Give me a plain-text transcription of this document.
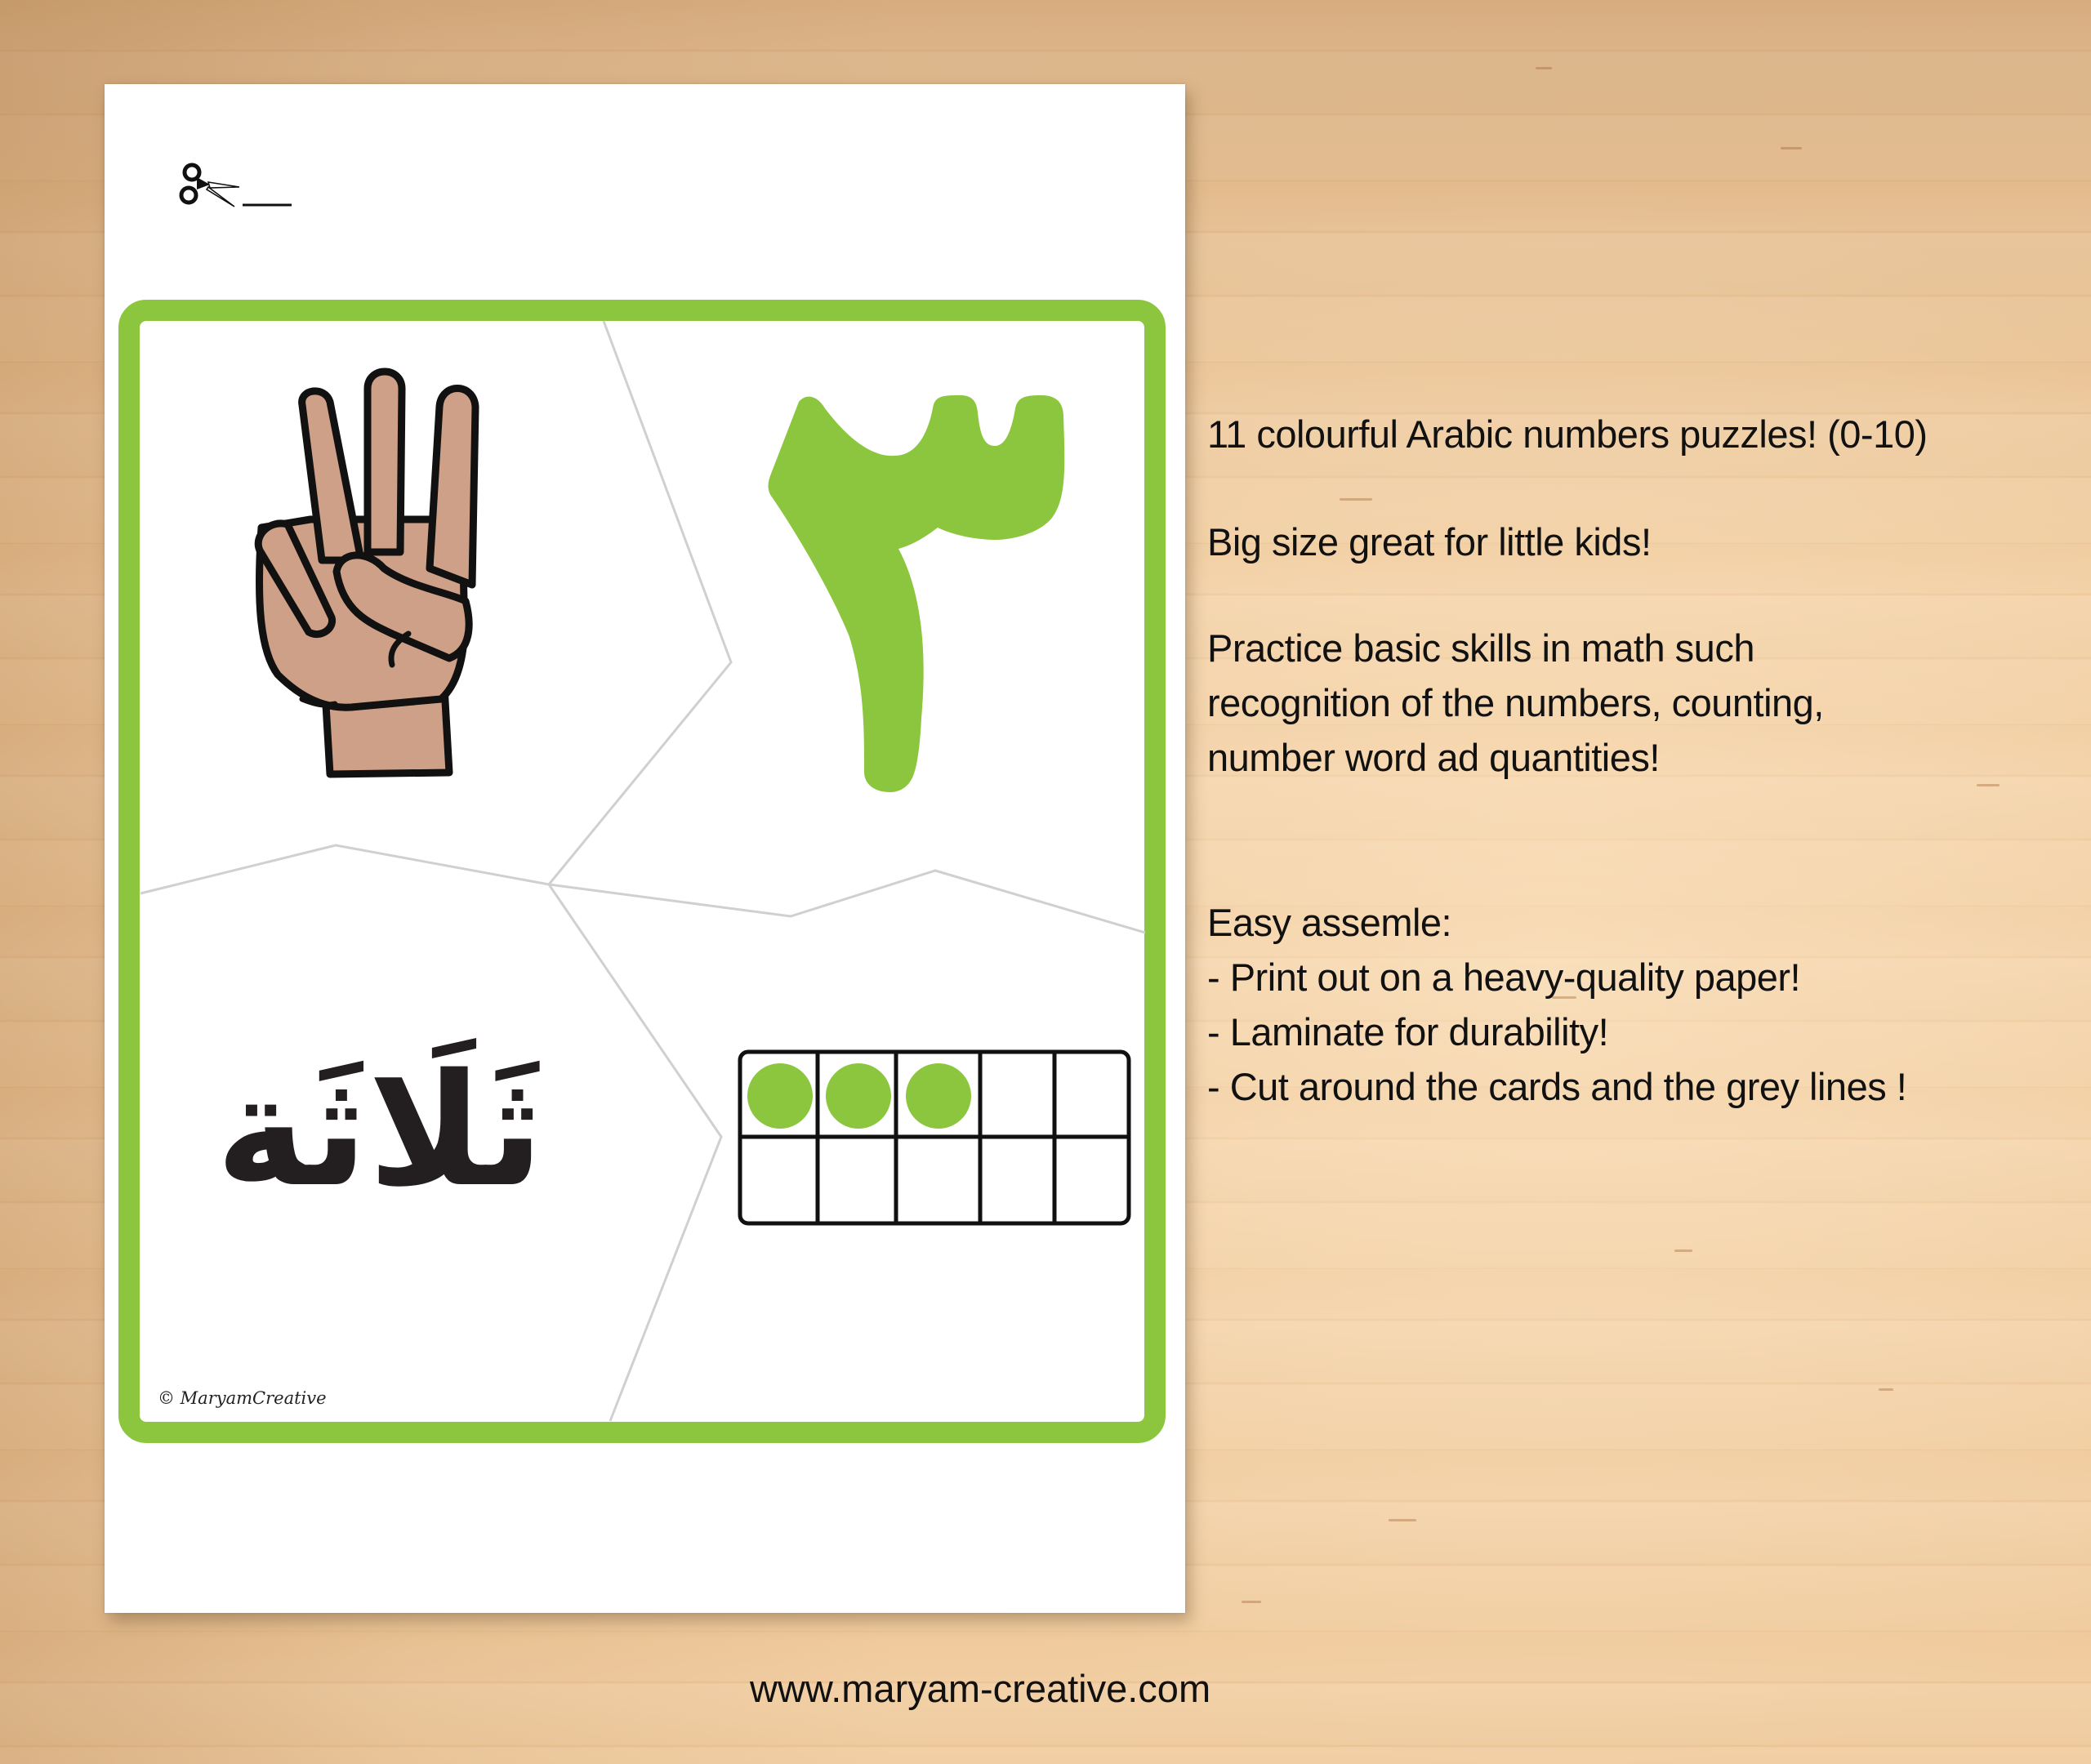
ثَلَاثَة
© MaryamCreative
11 colourful Arabic numbers puzzles! (0-10)
Big size great for little kids!
Practice basic skills in math such
recognition of the numbers, counting,
number word ad quantities!
Easy assemle:
- Print out on a heavy-quality paper!
- Laminate for durability!
- Cut around the cards and the grey lines !
www.maryam-creative.com
